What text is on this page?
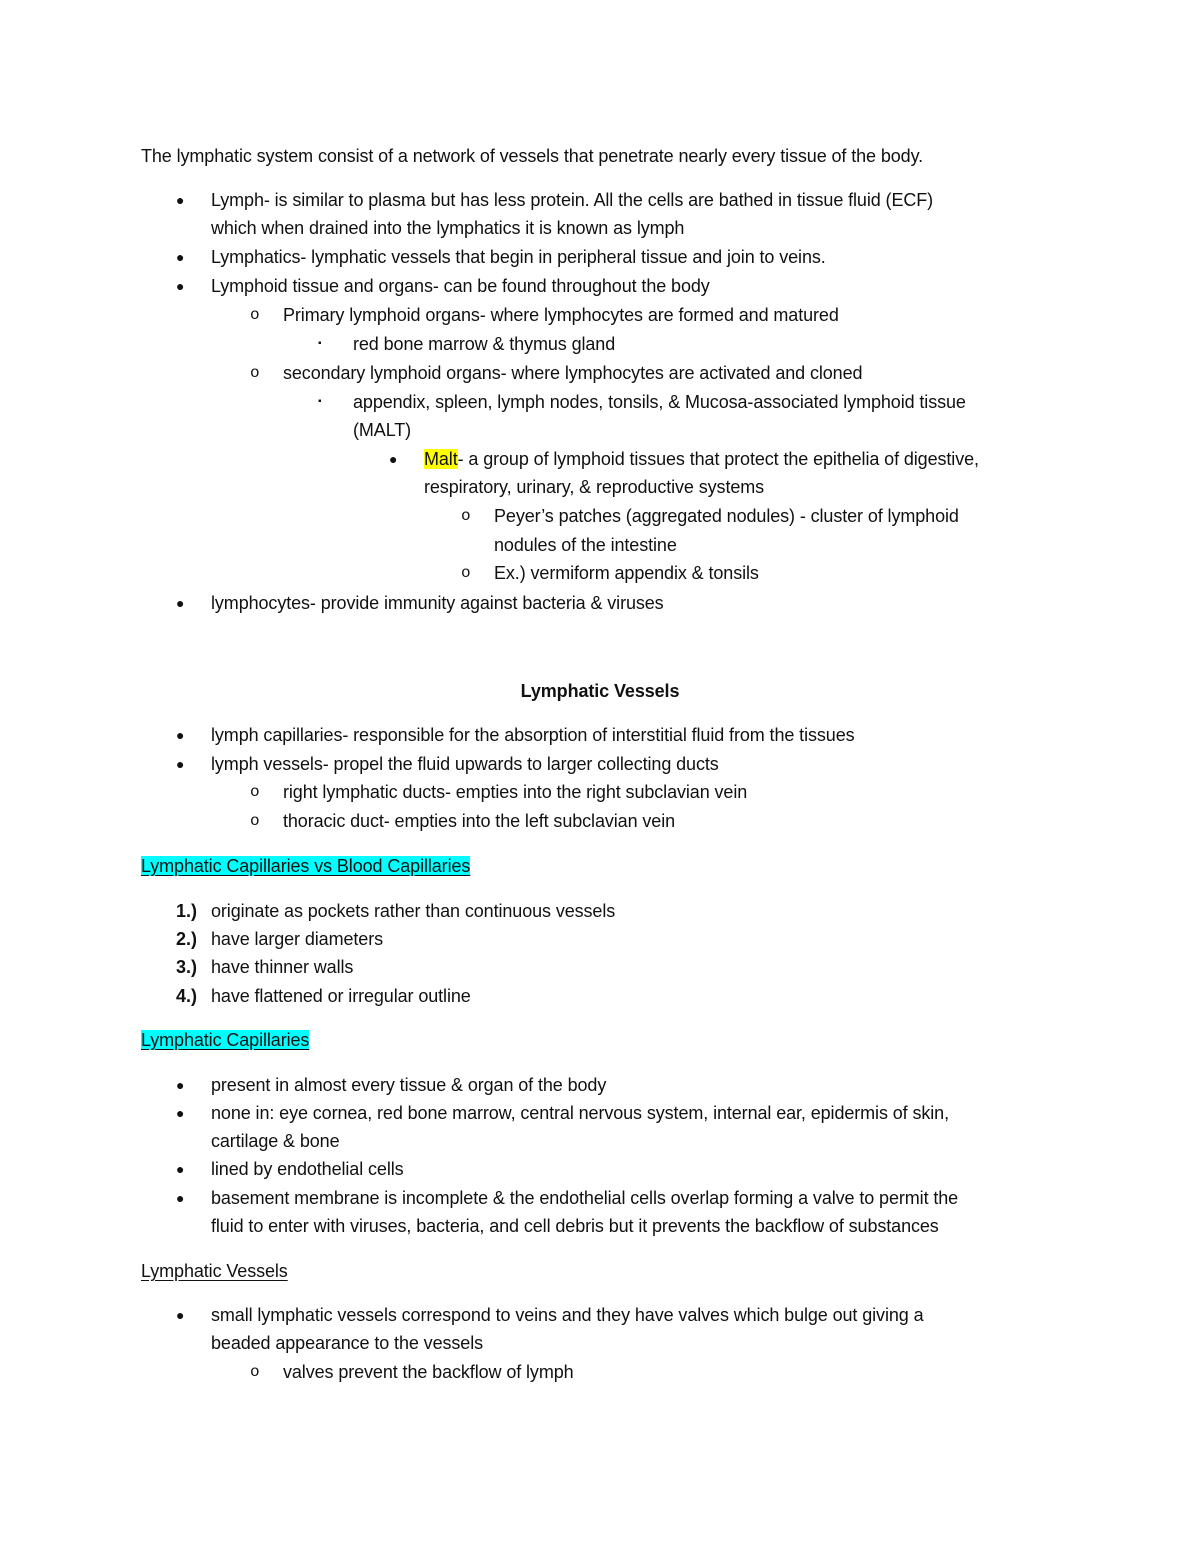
The lymphatic system consist of a network of vessels that penetrate nearly every tissue of the body.
● Lymph- is similar to plasma but has less protein. All the cells are bathed in tissue fluid (ECF)
which when drained into the lymphatics it is known as lymph
● Lymphatics- lymphatic vessels that begin in peripheral tissue and join to veins.
● Lymphoid tissue and organs- can be found throughout the body
o Primary lymphoid organs- where lymphocytes are formed and matured
▪ red bone marrow & thymus gland
o secondary lymphoid organs- where lymphocytes are activated and cloned
▪ appendix, spleen, lymph nodes, tonsils, & Mucosa-associated lymphoid tissue
(MALT)
● Malt- a group of lymphoid tissues that protect the epithelia of digestive,
respiratory, urinary, & reproductive systems
o Peyer’s patches (aggregated nodules) - cluster of lymphoid
nodules of the intestine
o Ex.) vermiform appendix & tonsils
● lymphocytes- provide immunity against bacteria & viruses
Lymphatic Vessels
● lymph capillaries- responsible for the absorption of interstitial fluid from the tissues
● lymph vessels- propel the fluid upwards to larger collecting ducts
o right lymphatic ducts- empties into the right subclavian vein
o thoracic duct- empties into the left subclavian vein
Lymphatic Capillaries vs Blood Capillaries
1.) originate as pockets rather than continuous vessels
2.) have larger diameters
3.) have thinner walls
4.) have flattened or irregular outline
Lymphatic Capillaries
● present in almost every tissue & organ of the body
● none in: eye cornea, red bone marrow, central nervous system, internal ear, epidermis of skin,
cartilage & bone
● lined by endothelial cells
● basement membrane is incomplete & the endothelial cells overlap forming a valve to permit the
fluid to enter with viruses, bacteria, and cell debris but it prevents the backflow of substances
Lymphatic Vessels
● small lymphatic vessels correspond to veins and they have valves which bulge out giving a
beaded appearance to the vessels
o valves prevent the backflow of lymph
